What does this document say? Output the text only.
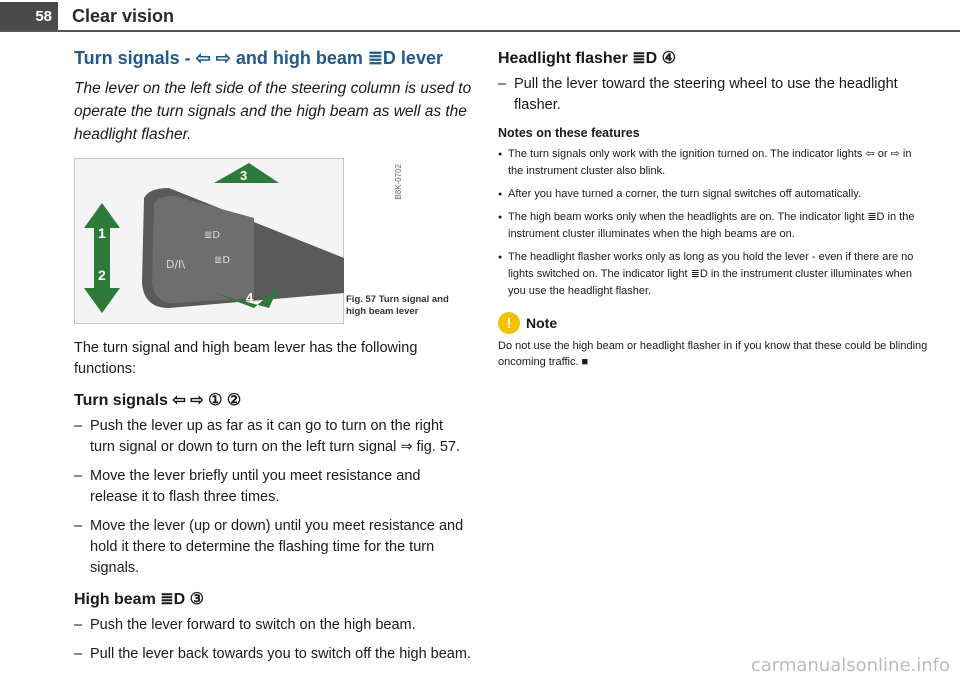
58	Clear vision
Turn signals - ⇦ ⇨ and high beam ≣D lever
The lever on the left side of the steering column is used to operate the turn signals and the high beam as well as the headlight flasher.
D/I\
≣D
≣D
1
2
3
4
B8K-0702
Fig. 57 Turn signal and high beam lever
The turn signal and high beam lever has the following functions:
Turn signals ⇦ ⇨ ① ②
– Push the lever up as far as it can go to turn on the right turn signal or down to turn on the left turn signal ⇒ fig. 57.
– Move the lever briefly until you meet resistance and release it to flash three times.
– Move the lever (up or down) until you meet resistance and hold it there to determine the flashing time for the turn signals.
High beam ≣D ③
– Push the lever forward to switch on the high beam.
– Pull the lever back towards you to switch off the high beam.
Headlight flasher ≣D ④
– Pull the lever toward the steering wheel to use the headlight flasher.
Notes on these features
● The turn signals only work with the ignition turned on. The indicator lights ⇦ or ⇨ in the instrument cluster also blink.
● After you have turned a corner, the turn signal switches off automatically.
● The high beam works only when the headlights are on. The indicator light ≣D in the instrument cluster illuminates when the high beams are on.
● The headlight flasher works only as long as you hold the lever - even if there are no lights switched on. The indicator light ≣D in the instrument cluster illuminates when you use the headlight flasher.
!	Note
Do not use the high beam or headlight flasher in if you know that these could be blinding oncoming traffic. ■
carmanualsonline.info
